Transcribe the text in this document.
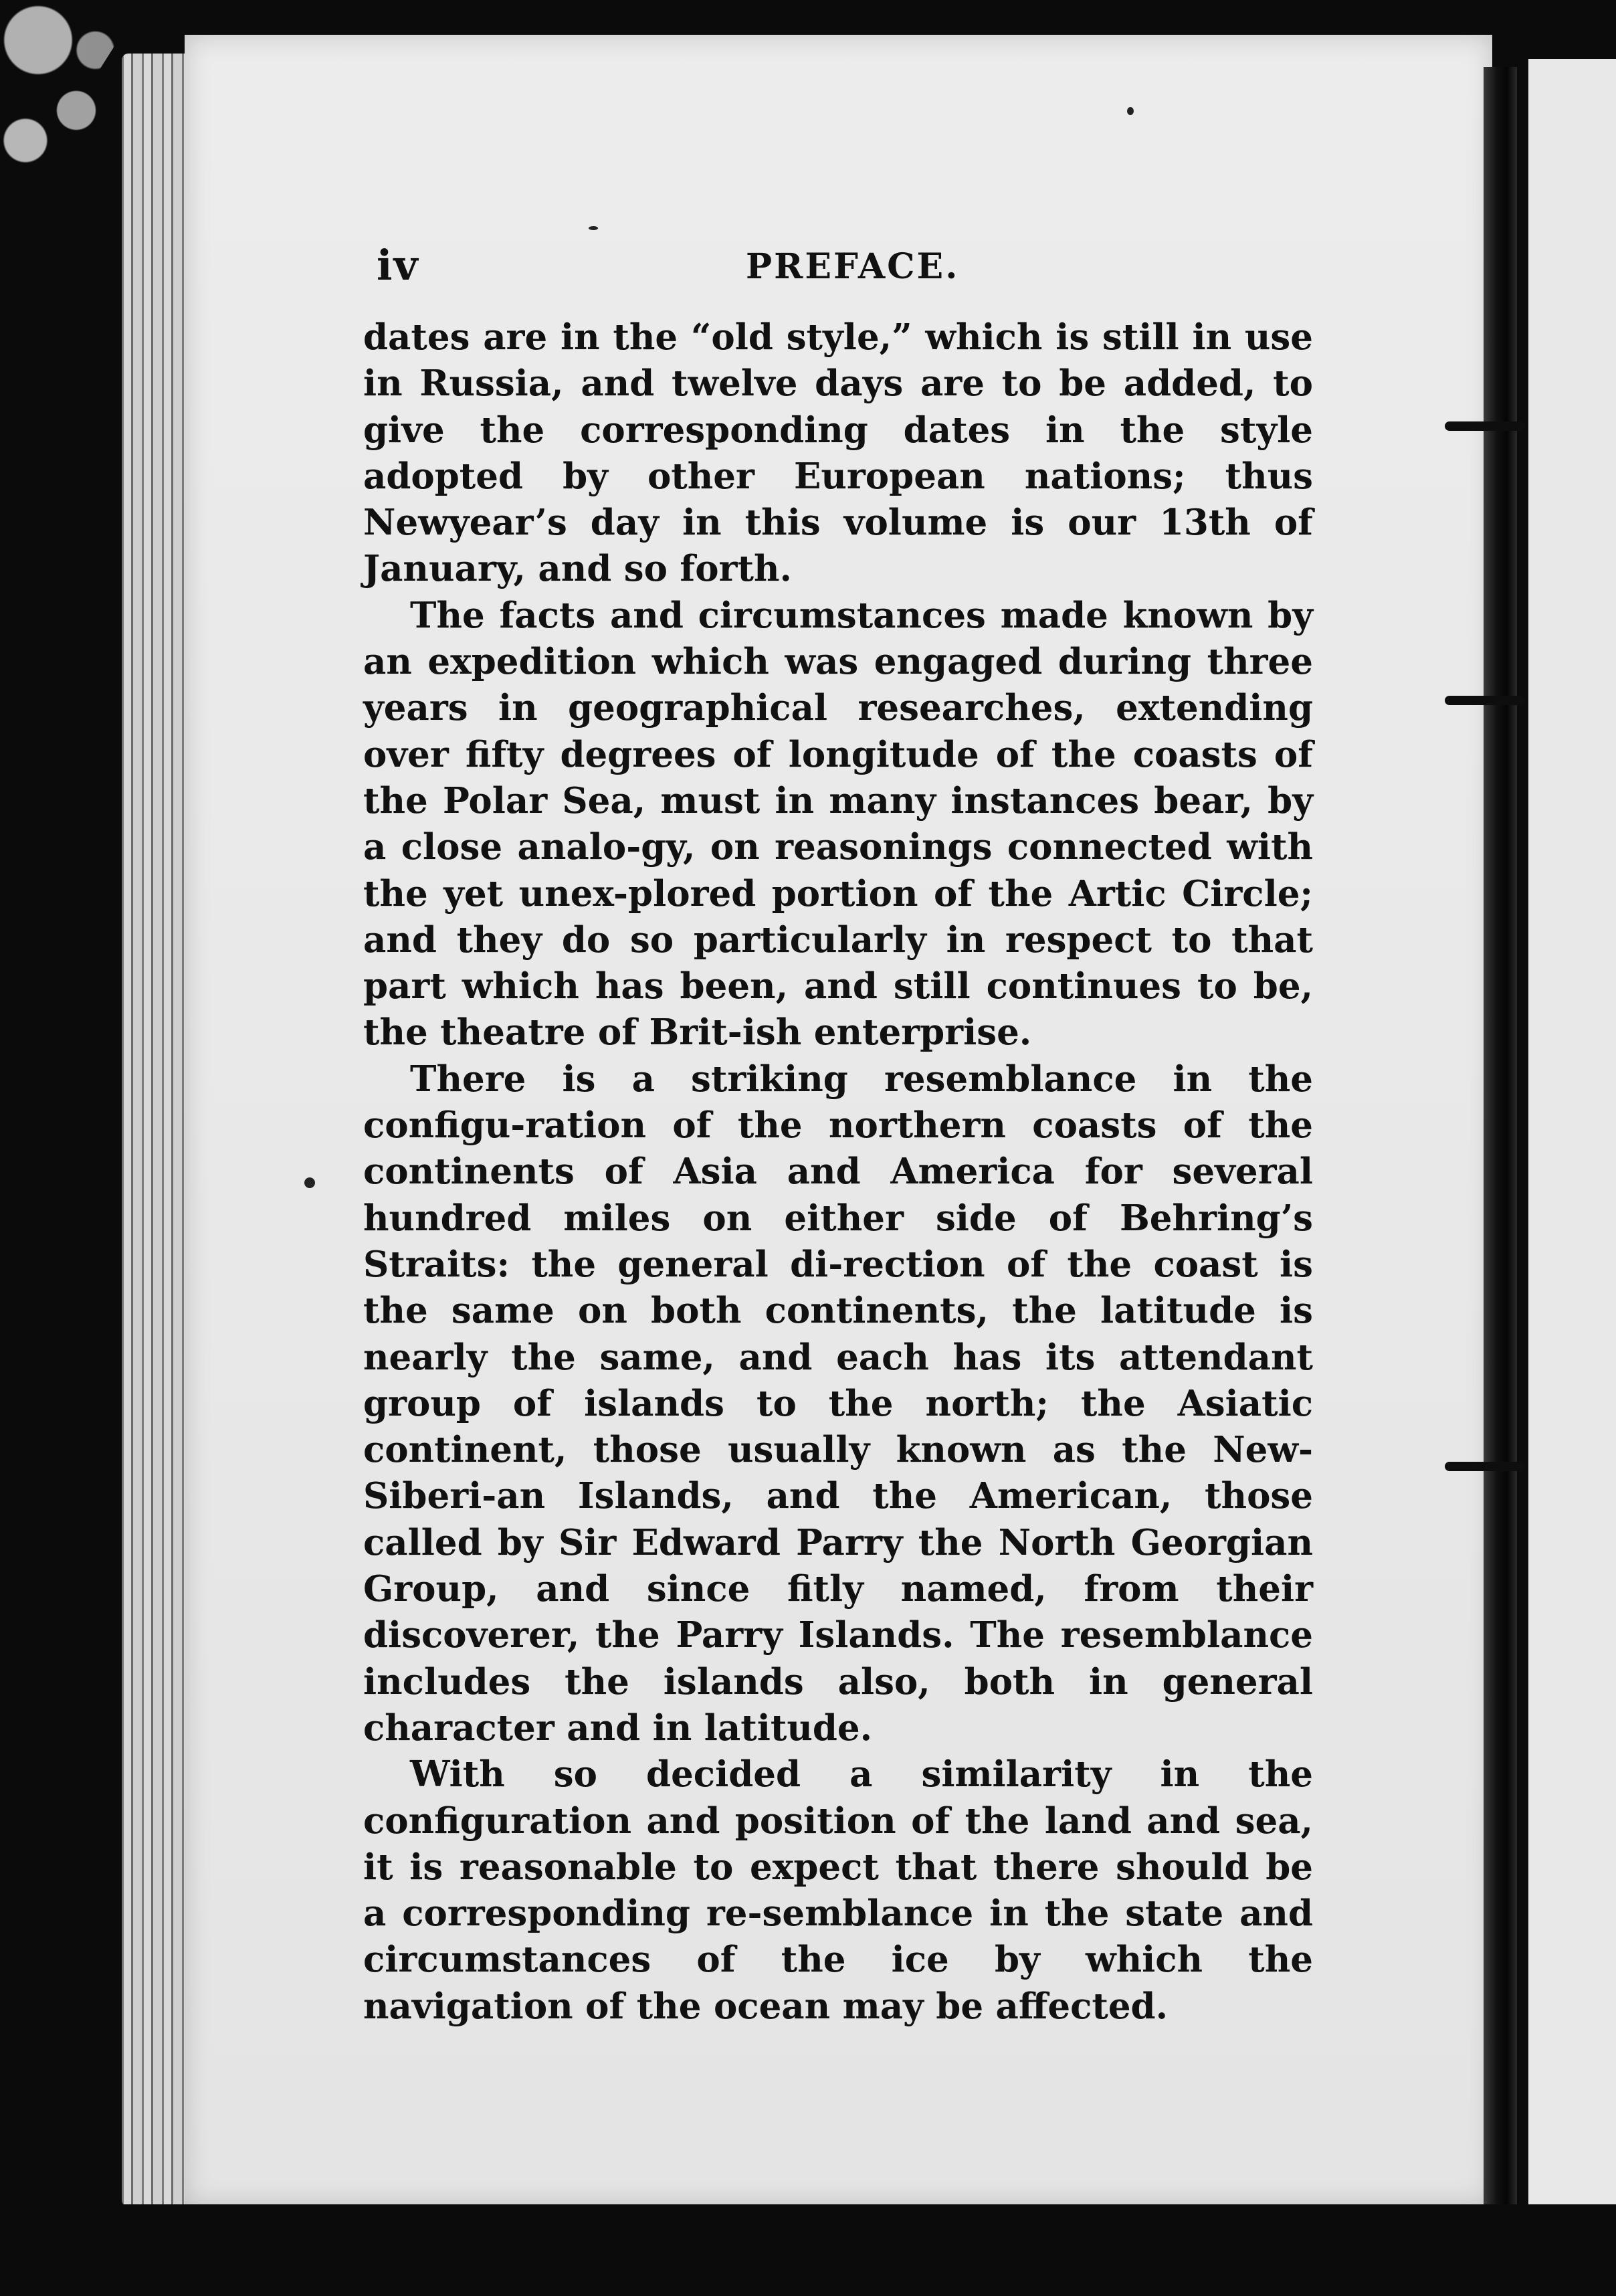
iv	PREFACE.

dates are in the “old style,” which is still in use in Russia, and twelve days are to be added, to give the corresponding dates in the style adopted by other European nations; thus Newyear’s day in this volume is our 13th of January, and so forth.

The facts and circumstances made known by an expedition which was engaged during three years in geographical researches, extending over fifty degrees of longitude of the coasts of the Polar Sea, must in many instances bear, by a close analo-gy, on reasonings connected with the yet unex-plored portion of the Artic Circle; and they do so particularly in respect to that part which has been, and still continues to be, the theatre of Brit-ish enterprise.

There is a striking resemblance in the configu-ration of the northern coasts of the continents of Asia and America for several hundred miles on either side of Behring’s Straits: the general di-rection of the coast is the same on both continents, the latitude is nearly the same, and each has its attendant group of islands to the north; the Asiatic continent, those usually known as the New-Siberi-an Islands, and the American, those called by Sir Edward Parry the North Georgian Group, and since fitly named, from their discoverer, the Parry Islands. The resemblance includes the islands also, both in general character and in latitude.

With so decided a similarity in the configuration and position of the land and sea, it is reasonable to expect that there should be a corresponding re-semblance in the state and circumstances of the ice by which the navigation of the ocean may be affected.
